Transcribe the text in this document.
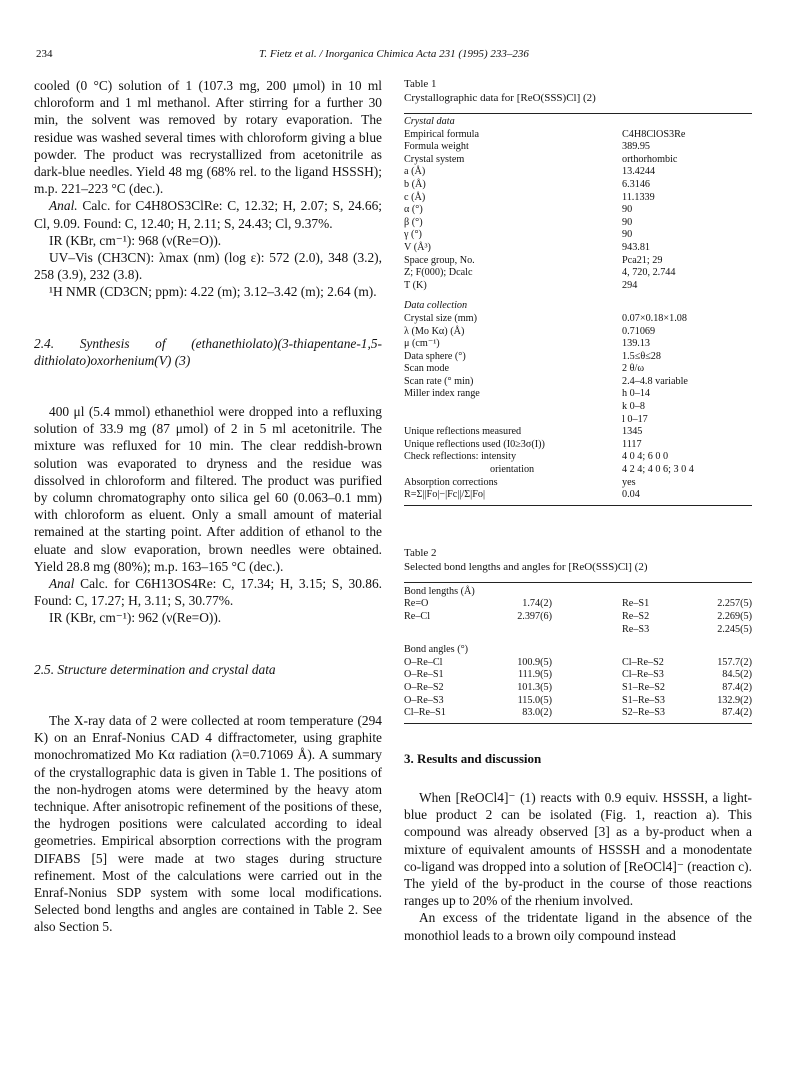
234	T. Fietz et al. / Inorganica Chimica Acta 231 (1995) 233–236

cooled (0 °C) solution of 1 (107.3 mg, 200 μmol) in 10 ml chloroform and 1 ml methanol. After stirring for a further 30 min, the solvent was removed by rotary evaporation. The residue was washed several times with chloroform giving a blue powder. The product was recrystallized from acetonitrile as dark-blue needles. Yield 48 mg (68% rel. to the ligand HSSSH); m.p. 221–223 °C (dec.).

Anal. Calc. for C4H8OS3ClRe: C, 12.32; H, 2.07; S, 24.66; Cl, 9.09. Found: C, 12.40; H, 2.11; S, 24.43; Cl, 9.37%.

IR (KBr, cm⁻¹): 968 (ν(Re=O)).

UV–Vis (CH3CN): λmax (nm) (log ε): 572 (2.0), 348 (3.2), 258 (3.9), 232 (3.8).

¹H NMR (CD3CN; ppm): 4.22 (m); 3.12–3.42 (m); 2.64 (m).

2.4. Synthesis of (ethanethiolato)(3-thiapentane-1,5-dithiolato)oxorhenium(V) (3)

400 μl (5.4 mmol) ethanethiol were dropped into a refluxing solution of 33.9 mg (87 μmol) of 2 in 5 ml acetonitrile. The mixture was refluxed for 10 min. The clear reddish-brown solution was evaporated to dryness and the residue was dissolved in chloroform and filtered. The product was purified by column chromatography onto silica gel 60 (0.063–0.1 mm) with chloroform as eluent. Only a small amount of material remained at the starting point. After addition of ethanol to the eluate and slow evaporation, brown needles were obtained. Yield 28.8 mg (80%); m.p. 163–165 °C (dec.).

Anal Calc. for C6H13OS4Re: C, 17.34; H, 3.15; S, 30.86. Found: C, 17.27; H, 3.11; S, 30.77%.

IR (KBr, cm⁻¹): 962 (ν(Re=O)).

2.5. Structure determination and crystal data

The X-ray data of 2 were collected at room temperature (294 K) on an Enraf-Nonius CAD 4 diffractometer, using graphite monochromatized Mo Kα radiation (λ=0.71069 Å). A summary of the crystallographic data is given in Table 1. The positions of the non-hydrogen atoms were determined by the heavy atom technique. After anisotropic refinement of the positions of these, the hydrogen positions were calculated according to ideal geometries. Empirical absorption corrections with the program DIFABS [5] were made at two stages during structure refinement. Most of the calculations were carried out in the Enraf-Nonius SDP system with some local modifications. Selected bond lengths and angles are contained in Table 2. See also Section 5.

Table 1
Crystallographic data for [ReO(SSS)Cl] (2)
Crystal data	
Empirical formula	C4H8ClOS3Re
Formula weight	389.95
Crystal system	orthorhombic
a (Å)	13.4244
b (Å)	6.3146
c (Å)	11.1339
α (°)	90
β (°)	90
γ (°)	90
V (Å³)	943.81
Space group, No.	Pca21; 29
Z; F(000); Dcalc	4, 720, 2.744
T (K)	294
Data collection	
Crystal size (mm)	0.07×0.18×1.08
λ (Mo Kα) (Å)	0.71069
μ (cm⁻¹)	139.13
Data sphere (°)	1.5≤θ≤28
Scan mode	2 θ/ω
Scan rate (° min)	2.4–4.8 variable
Miller index range	h 0–14
	k 0–8
	l 0–17
Unique reflections measured	1345
Unique reflections used (I0≥3σ(I))	1117
Check reflections: intensity	4 0 4; 6 0 0
orientation	4 2 4; 4 0 6; 3 0 4
Absorption corrections	yes
R=Σ||Fo|−|Fc||/Σ|Fo|	0.04
Table 2
Selected bond lengths and angles for [ReO(SSS)Cl] (2)
Bond lengths (Å)				
Re=O	1.74(2)		Re–S1	2.257(5)
Re–Cl	2.397(6)		Re–S2	2.269(5)
			Re–S3	2.245(5)
Bond angles (°)				
O–Re–Cl	100.9(5)		Cl–Re–S2	157.7(2)
O–Re–S1	111.9(5)		Cl–Re–S3	84.5(2)
O–Re–S2	101.3(5)		S1–Re–S2	87.4(2)
O–Re–S3	115.0(5)		S1–Re–S3	132.9(2)
Cl–Re–S1	83.0(2)		S2–Re–S3	87.4(2)
3. Results and discussion

When [ReOCl4]⁻ (1) reacts with 0.9 equiv. HSSSH, a light-blue product 2 can be isolated (Fig. 1, reaction a). This compound was already observed [3] as a by-product when a mixture of equivalent amounts of HSSSH and a monodentate co-ligand was dropped into a solution of [ReOCl4]⁻ (reaction c). The yield of the by-product in the course of those reactions ranges up to 20% of the rhenium involved.

An excess of the tridentate ligand in the absence of the monothiol leads to a brown oily compound instead
